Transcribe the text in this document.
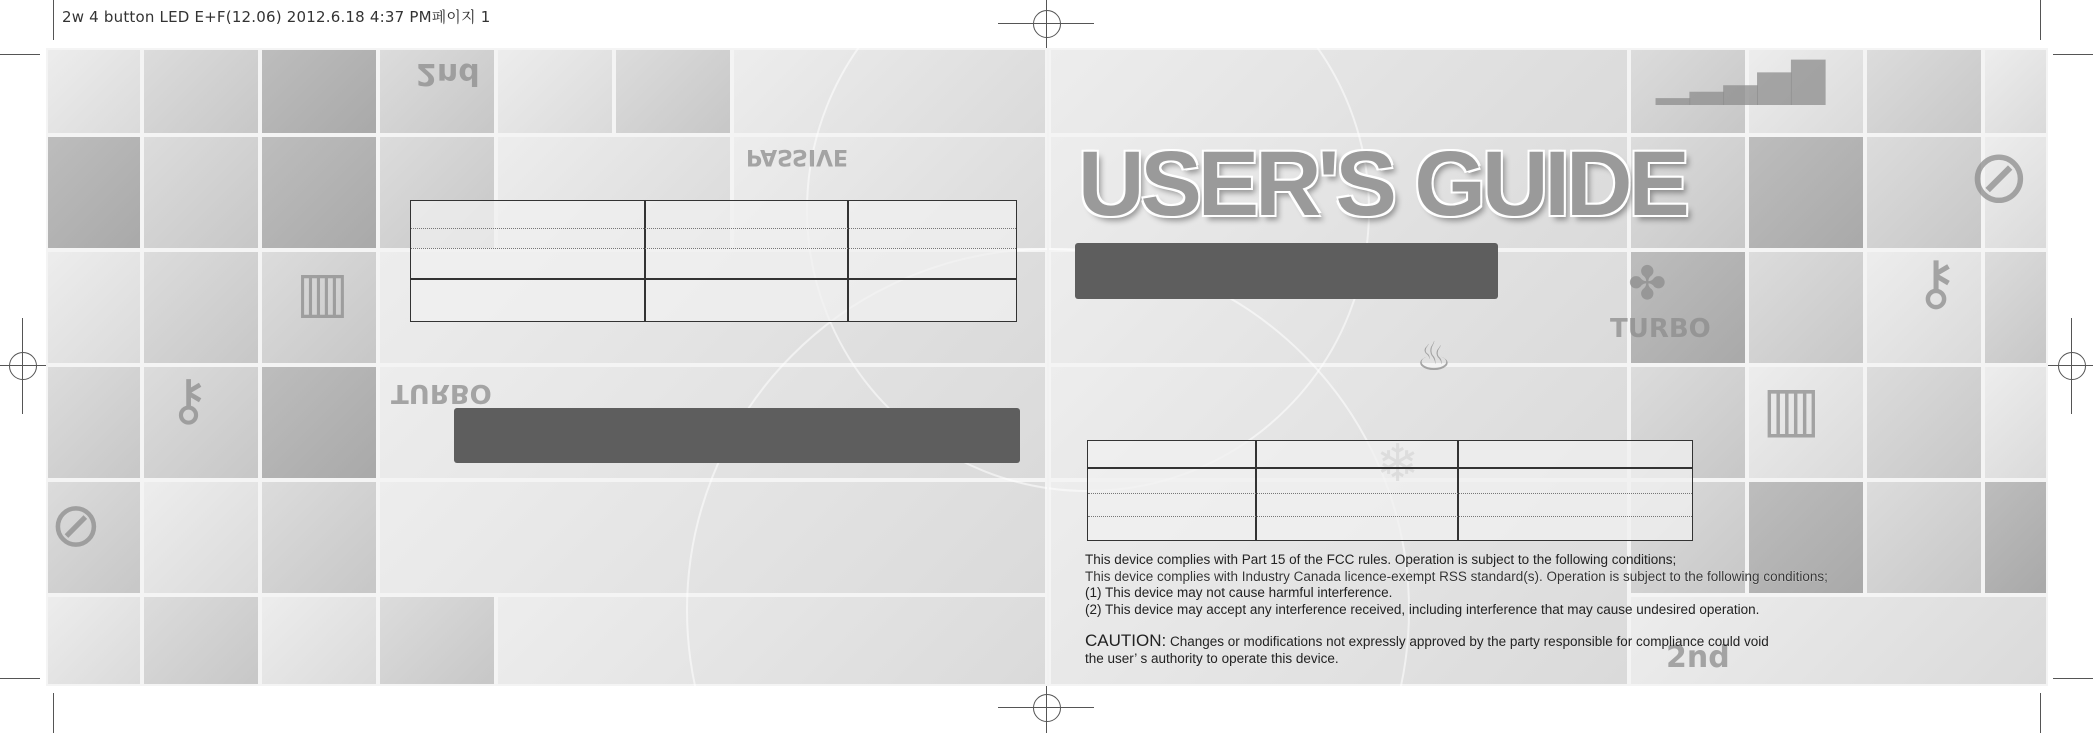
2w 4 button LED E+F(12.06) 2012.6.18 4:37 PM페이지 1
2nd
PASSIVE
TURBO
⚷
▥
⊘
TURBO
✤
2nd
⚷
▥
⊘
♨
▁▂▃▅▇
USER'S GUIDE
This device complies with Part 15 of the FCC rules. Operation is subject to the following conditions;
This device complies with Industry Canada licence-exempt RSS standard(s). Operation is subject to the following conditions;
(1) This device may not cause harmful interference.
(2) This device may accept any interference received, including interference that may cause undesired operation.
CAUTION: Changes or modifications not expressly approved by the party responsible for compliance could void
the user’ s authority to operate this device.
